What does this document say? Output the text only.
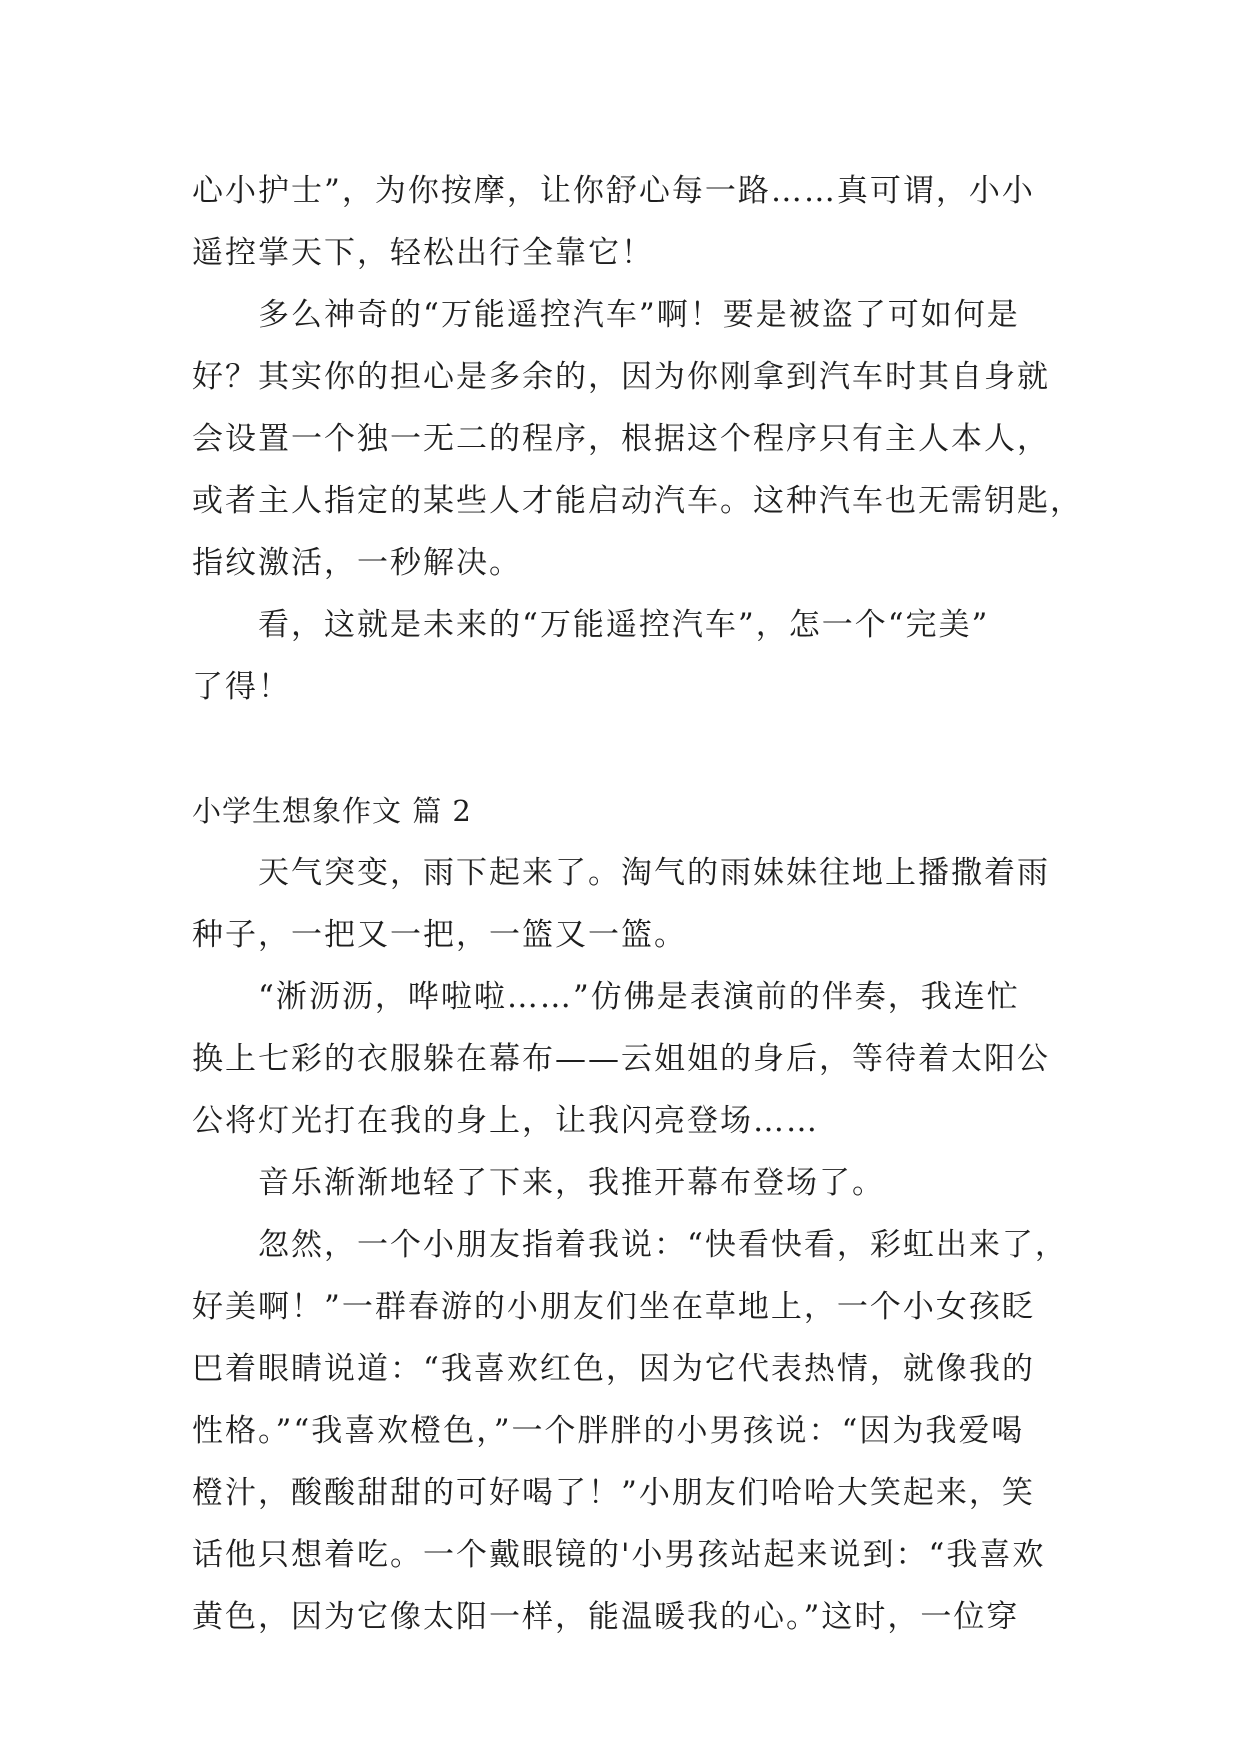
心小护士”，为你按摩，让你舒心每一路……真可谓，小小
遥控掌天下，轻松出行全靠它！
多么神奇的“万能遥控汽车”啊！要是被盗了可如何是
好？其实你的担心是多余的，因为你刚拿到汽车时其自身就
会设置一个独一无二的程序，根据这个程序只有主人本人，
或者主人指定的某些人才能启动汽车。这种汽车也无需钥匙，
指纹激活，一秒解决。
看，这就是未来的“万能遥控汽车”，怎一个“完美”
了得！
小学生想象作文 篇 2
天气突变，雨下起来了。淘气的雨妹妹往地上播撒着雨
种子，一把又一把，一篮又一篮。
“淅沥沥，哗啦啦……”仿佛是表演前的伴奏，我连忙
换上七彩的衣服躲在幕布——云姐姐的身后，等待着太阳公
公将灯光打在我的身上，让我闪亮登场……
音乐渐渐地轻了下来，我推开幕布登场了。
忽然，一个小朋友指着我说：“快看快看，彩虹出来了，
好美啊！”一群春游的小朋友们坐在草地上，一个小女孩眨
巴着眼睛说道：“我喜欢红色，因为它代表热情，就像我的
性格。”“我喜欢橙色，”一个胖胖的小男孩说：“因为我爱喝
橙汁，酸酸甜甜的可好喝了！”小朋友们哈哈大笑起来，笑
话他只想着吃。一个戴眼镜的'小男孩站起来说到：“我喜欢
黄色，因为它像太阳一样，能温暖我的心。”这时，一位穿
